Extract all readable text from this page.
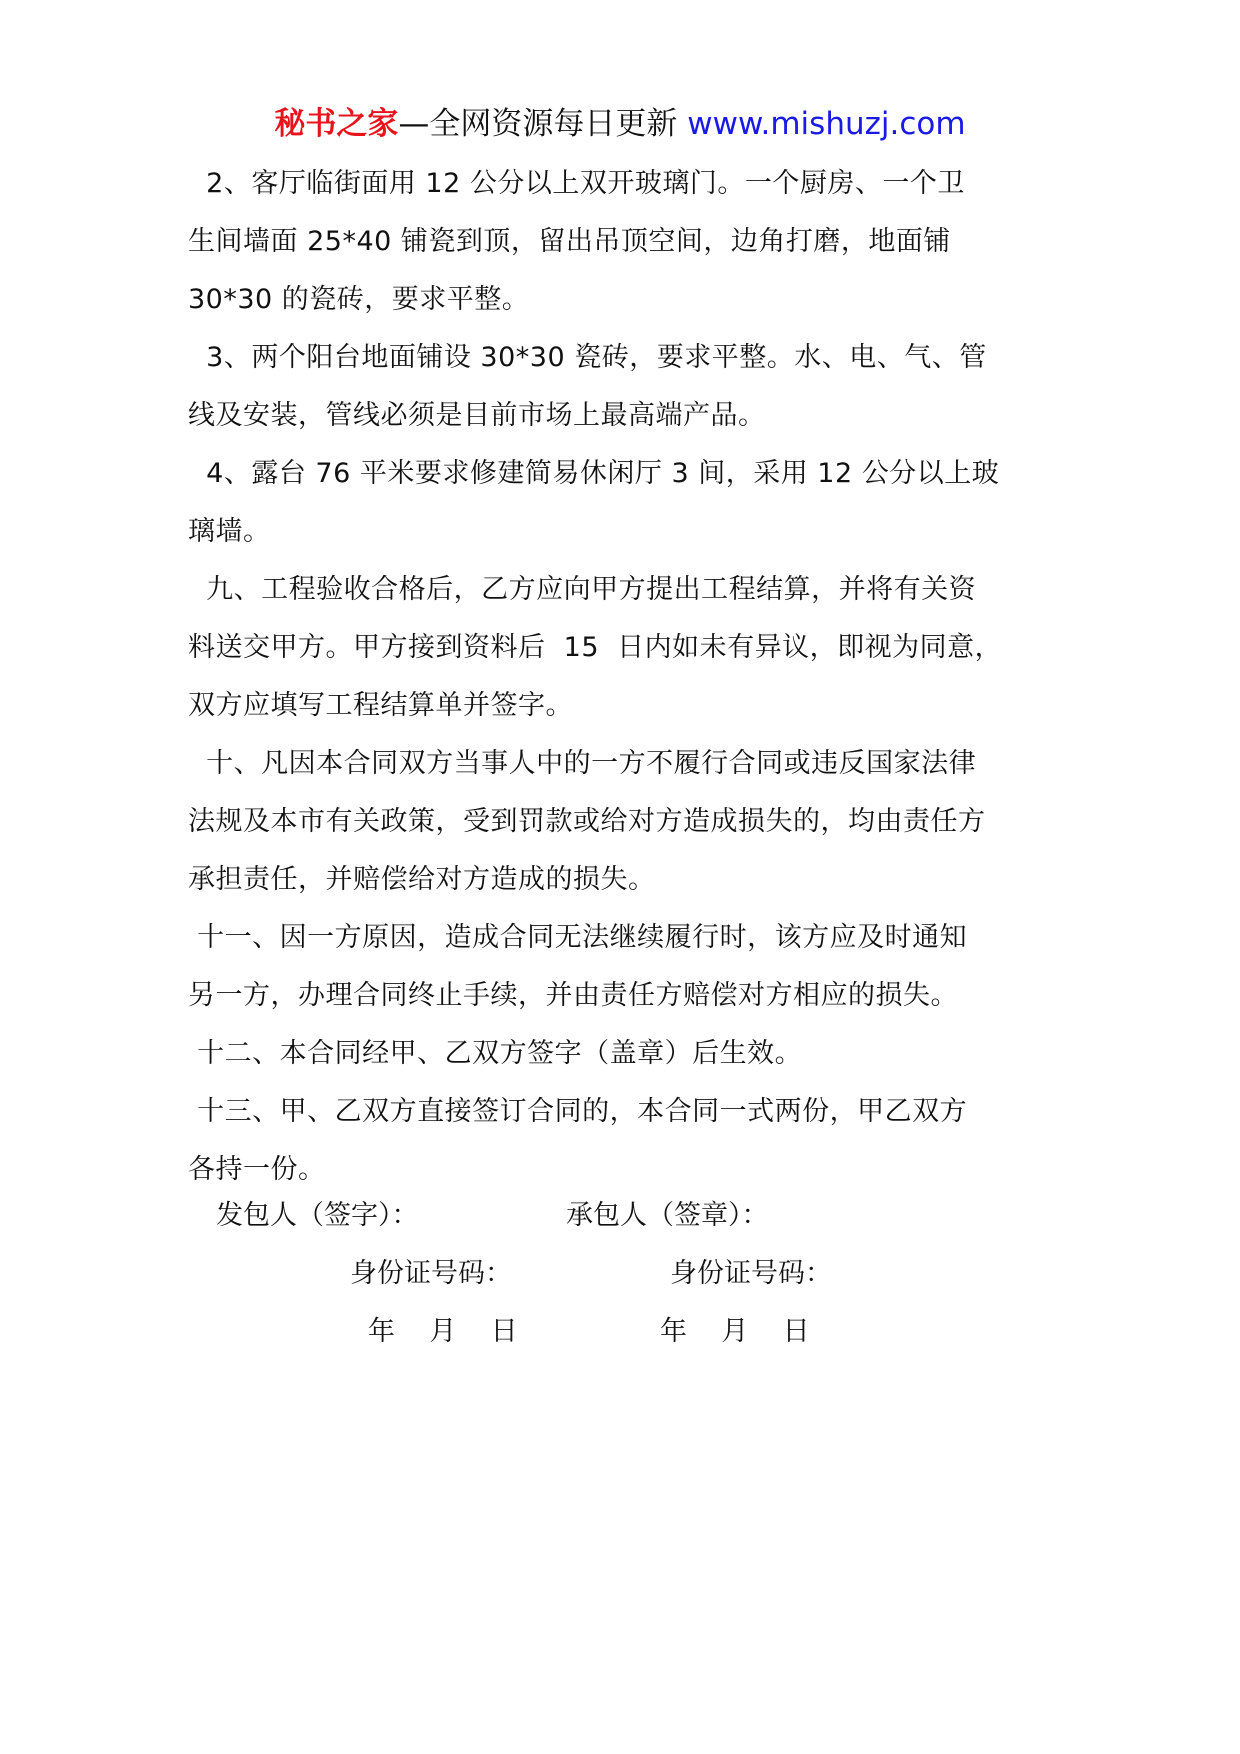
秘书之家—全网资源每日更新 www.mishuzj.com
2、客厅临街面用 12 公分以上双开玻璃门。一个厨房、一个卫
生间墙面 25*40 铺瓷到顶，留出吊顶空间，边角打磨，地面铺
30*30 的瓷砖，要求平整。
3、两个阳台地面铺设 30*30 瓷砖，要求平整。水、电、气、管
线及安装，管线必须是目前市场上最高端产品。
4、露台 76 平米要求修建简易休闲厅 3 间，采用 12 公分以上玻
璃墙。
九、工程验收合格后，乙方应向甲方提出工程结算，并将有关资
料送交甲方。甲方接到资料后  15  日内如未有异议，即视为同意，
双方应填写工程结算单并签字。
十、凡因本合同双方当事人中的一方不履行合同或违反国家法律
法规及本市有关政策，受到罚款或给对方造成损失的，均由责任方
承担责任，并赔偿给对方造成的损失。
十一、因一方原因，造成合同无法继续履行时，该方应及时通知
另一方，办理合同终止手续，并由责任方赔偿对方相应的损失。
十二、本合同经甲、乙双方签字（盖章）后生效。
十三、甲、乙双方直接签订合同的，本合同一式两份，甲乙双方
各持一份。
发包人（签字）：	承包人（签章）：
身份证号码：	身份证号码：
年    月    日	年    月    日
